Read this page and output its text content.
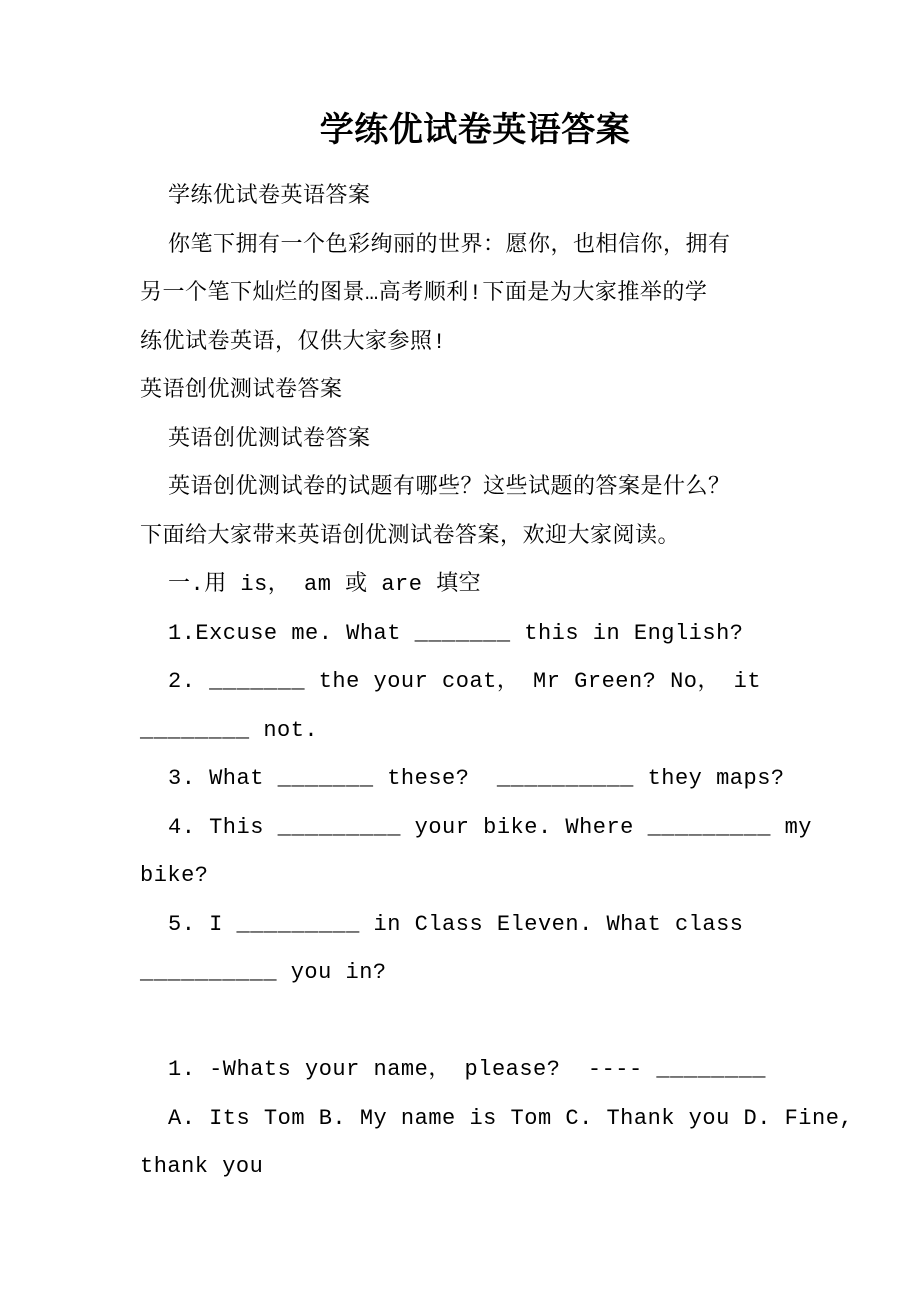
学练优试卷英语答案

学练优试卷英语答案

你笔下拥有一个色彩绚丽的世界：愿你，也相信你，拥有

另一个笔下灿烂的图景…高考顺利!下面是为大家推举的学

练优试卷英语，仅供大家参照!

英语创优测试卷答案

英语创优测试卷答案

英语创优测试卷的试题有哪些？这些试题的答案是什么？

下面给大家带来英语创优测试卷答案，欢迎大家阅读。

一.用 is， am 或 are 填空

1.Excuse me. What _______ this in English?

2. _______ the your coat， Mr Green? No， it

________ not.

3. What _______ these?  __________ they maps?

4. This _________ your bike. Where _________ my

bike?

5. I _________ in Class Eleven. What class

__________ you in?

1. -Whats your name， please?  ---- ________

A. Its Tom B. My name is Tom C. Thank you D. Fine,

thank you
